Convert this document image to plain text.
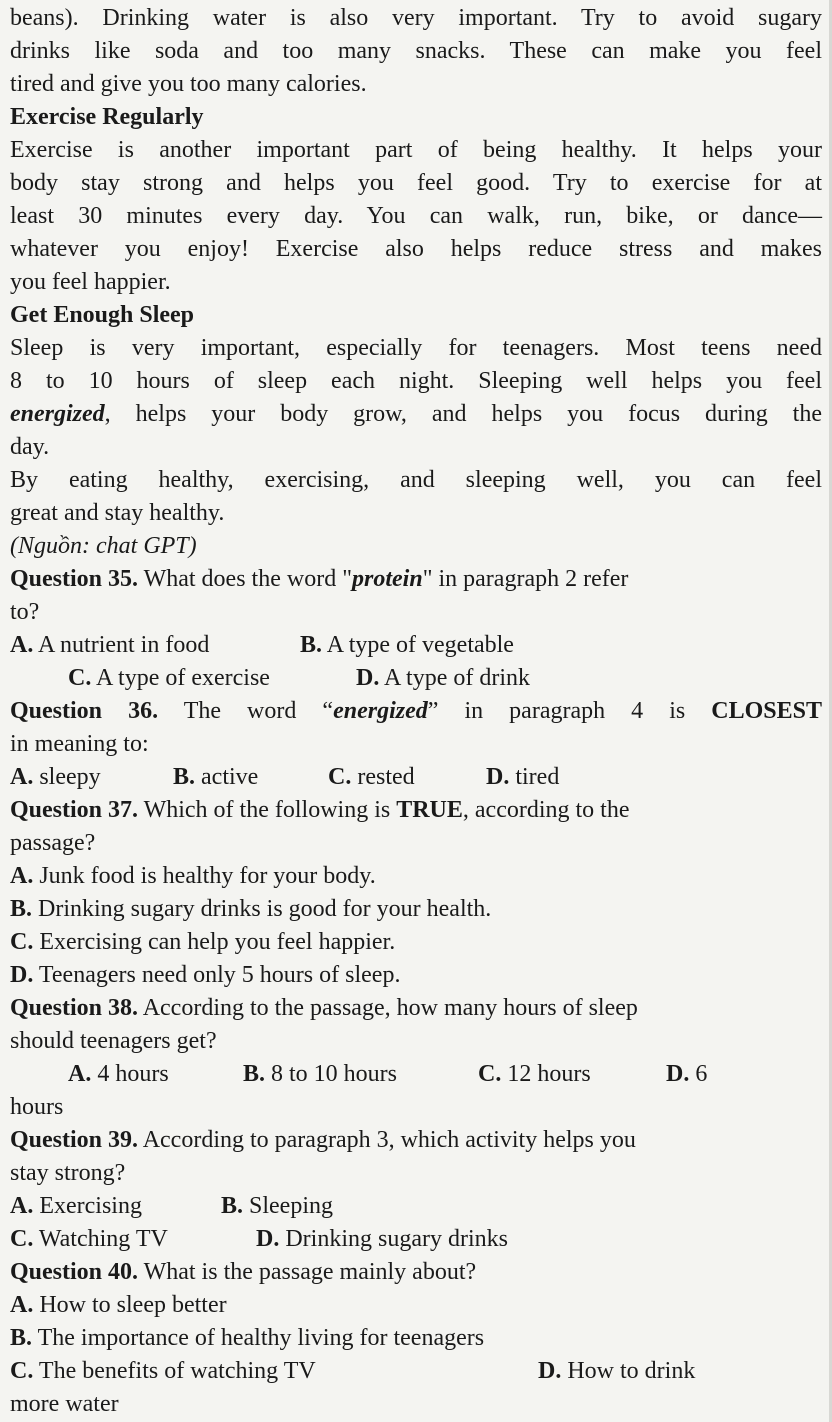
beans). Drinking water is also very important. Try to avoid sugary
drinks like soda and too many snacks. These can make you feel
tired and give you too many calories.
Exercise Regularly
Exercise is another important part of being healthy. It helps your
body stay strong and helps you feel good. Try to exercise for at
least 30 minutes every day. You can walk, run, bike, or dance—
whatever you enjoy! Exercise also helps reduce stress and makes
you feel happier.
Get Enough Sleep
Sleep is very important, especially for teenagers. Most teens need
8 to 10 hours of sleep each night. Sleeping well helps you feel
energized, helps your body grow, and helps you focus during the
day.
By eating healthy, exercising, and sleeping well, you can feel
great and stay healthy.
(Nguồn: chat GPT)
Question 35. What does the word "protein" in paragraph 2 refer
to?
A. A nutrient in food	B. A type of vegetable
C. A type of exercise	D. A type of drink
Question 36. The word “energized” in paragraph 4 is CLOSEST
in meaning to:
A. sleepy	B. active	C. rested	D. tired
Question 37. Which of the following is TRUE, according to the
passage?
A. Junk food is healthy for your body.
B. Drinking sugary drinks is good for your health.
C. Exercising can help you feel happier.
D. Teenagers need only 5 hours of sleep.
Question 38. According to the passage, how many hours of sleep
should teenagers get?
A. 4 hours	B. 8 to 10 hours	C. 12 hours	D. 6
hours
Question 39. According to paragraph 3, which activity helps you
stay strong?
A. Exercising	B. Sleeping
C. Watching TV	D. Drinking sugary drinks
Question 40. What is the passage mainly about?
A. How to sleep better
B. The importance of healthy living for teenagers
C. The benefits of watching TV	D. How to drink
more water
